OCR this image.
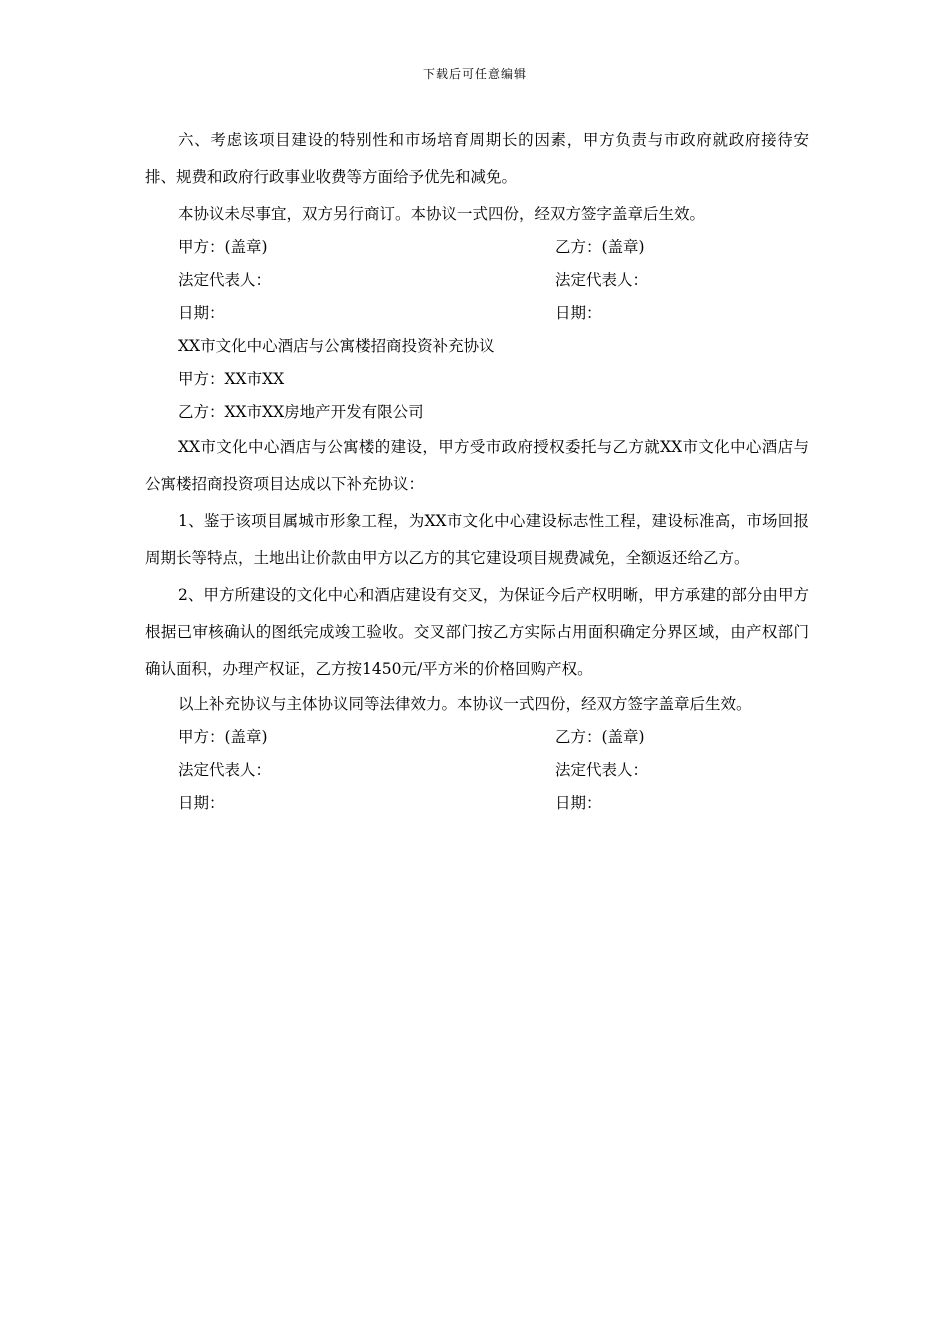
下载后可任意编辑

六、考虑该项目建设的特别性和市场培育周期长的因素，甲方负责与市政府就政府接待安排、规费和政府行政事业收费等方面给予优先和减免。

本协议未尽事宜，双方另行商订。本协议一式四份，经双方签字盖章后生效。

甲方：(盖章)	乙方：(盖章)
法定代表人：	法定代表人：
日期：	日期：

XX市文化中心酒店与公寓楼招商投资补充协议

甲方：XX市XX

乙方：XX市XX房地产开发有限公司

XX市文化中心酒店与公寓楼的建设，甲方受市政府授权委托与乙方就XX市文化中心酒店与公寓楼招商投资项目达成以下补充协议：

1、鉴于该项目属城市形象工程，为XX市文化中心建设标志性工程，建设标准高，市场回报周期长等特点，土地出让价款由甲方以乙方的其它建设项目规费减免，全额返还给乙方。

2、甲方所建设的文化中心和酒店建设有交叉，为保证今后产权明晰，甲方承建的部分由甲方根据已审核确认的图纸完成竣工验收。交叉部门按乙方实际占用面积确定分界区域，由产权部门确认面积，办理产权证，乙方按1450元/平方米的价格回购产权。

以上补充协议与主体协议同等法律效力。本协议一式四份，经双方签字盖章后生效。

甲方：(盖章)	乙方：(盖章)
法定代表人：	法定代表人：
日期：	日期：
